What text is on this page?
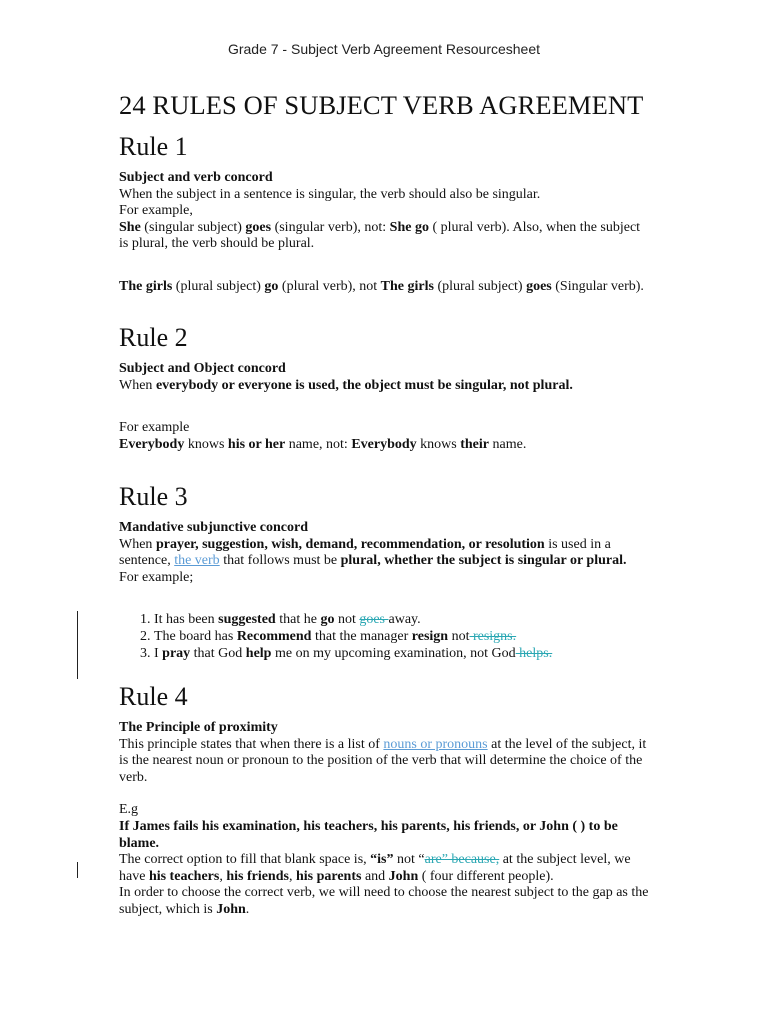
Grade 7 - Subject Verb Agreement Resourcesheet
24 RULES OF SUBJECT VERB AGREEMENT
Rule 1

Subject and verb concord

When the subject in a sentence is singular, the verb should also be singular.

For example,

She (singular subject) goes (singular verb), not: She go ( plural verb). Also, when the subject is plural, the verb should be plural.

The girls (plural subject) go (plural verb), not The girls (plural subject) goes (Singular verb).

Rule 2

Subject and Object concord

When everybody or everyone is used, the object must be singular, not plural.

For example

Everybody knows his or her name, not: Everybody knows their name.

Rule 3

Mandative subjunctive concord

When prayer, suggestion, wish, demand, recommendation, or resolution is used in a sentence, the verb that follows must be plural, whether the subject is singular or plural.

For example;

1. It has been suggested that he go not goes away.
2. The board has Recommend that the manager resign not resigns.
3. I pray that God help me on my upcoming examination, not God helps.
Rule 4

The Principle of proximity

This principle states that when there is a list of nouns or pronouns at the level of the subject, it is the nearest noun or pronoun to the position of the verb that will determine the choice of the verb.

E.g

If James fails his examination, his teachers, his parents, his friends, or John ( ) to be blame.

The correct option to fill that blank space is, “is” not “are” because, at the subject level, we have his teachers, his friends, his parents and John ( four different people).

In order to choose the correct verb, we will need to choose the nearest subject to the gap as the subject, which is John.
